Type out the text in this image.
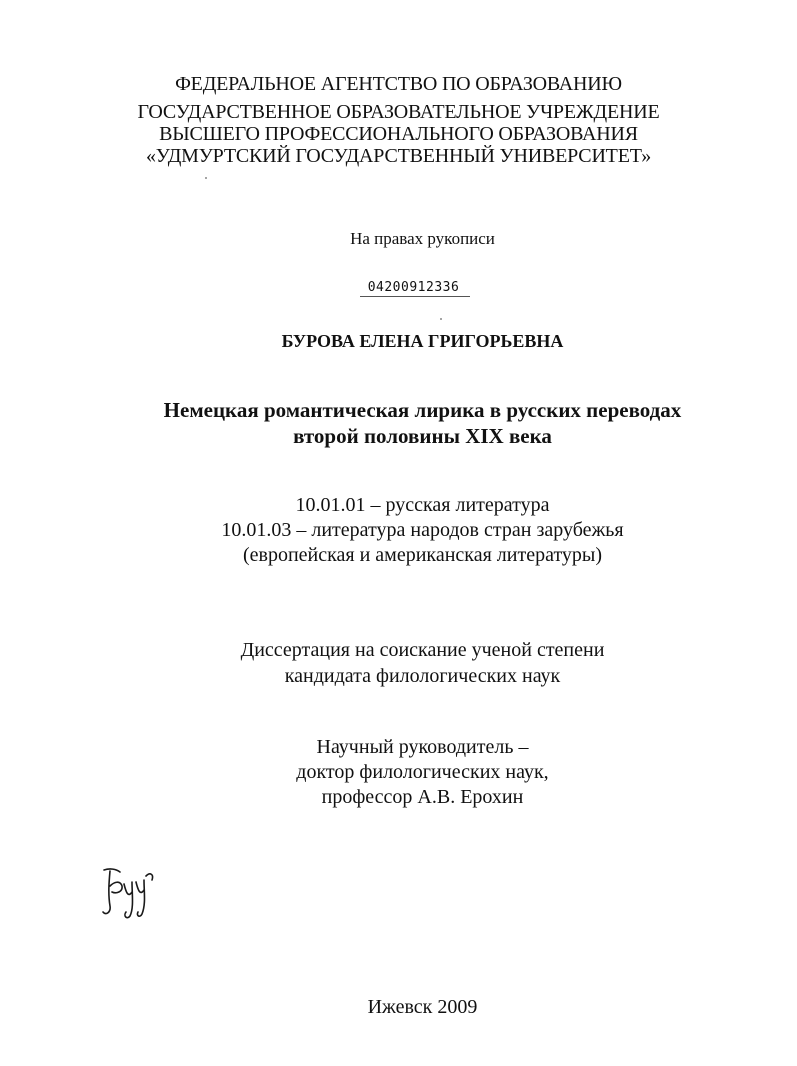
ФЕДЕРАЛЬНОЕ АГЕНТСТВО ПО ОБРАЗОВАНИЮ
ГОСУДАРСТВЕННОЕ ОБРАЗОВАТЕЛЬНОЕ УЧРЕЖДЕНИЕ
ВЫСШЕГО ПРОФЕССИОНАЛЬНОГО ОБРАЗОВАНИЯ
«УДМУРТСКИЙ ГОСУДАРСТВЕННЫЙ УНИВЕРСИТЕТ»
На правах рукописи
04200912336
БУРОВА ЕЛЕНА ГРИГОРЬЕВНА
Немецкая романтическая лирика в русских переводах
второй половины XIX века
10.01.01 – русская литература
10.01.03 – литература народов стран зарубежья
(европейская и американская литературы)
Диссертация на соискание ученой степени
кандидата филологических наук
Научный руководитель –
доктор филологических наук,
профессор А.В. Ерохин
Ижевск 2009
